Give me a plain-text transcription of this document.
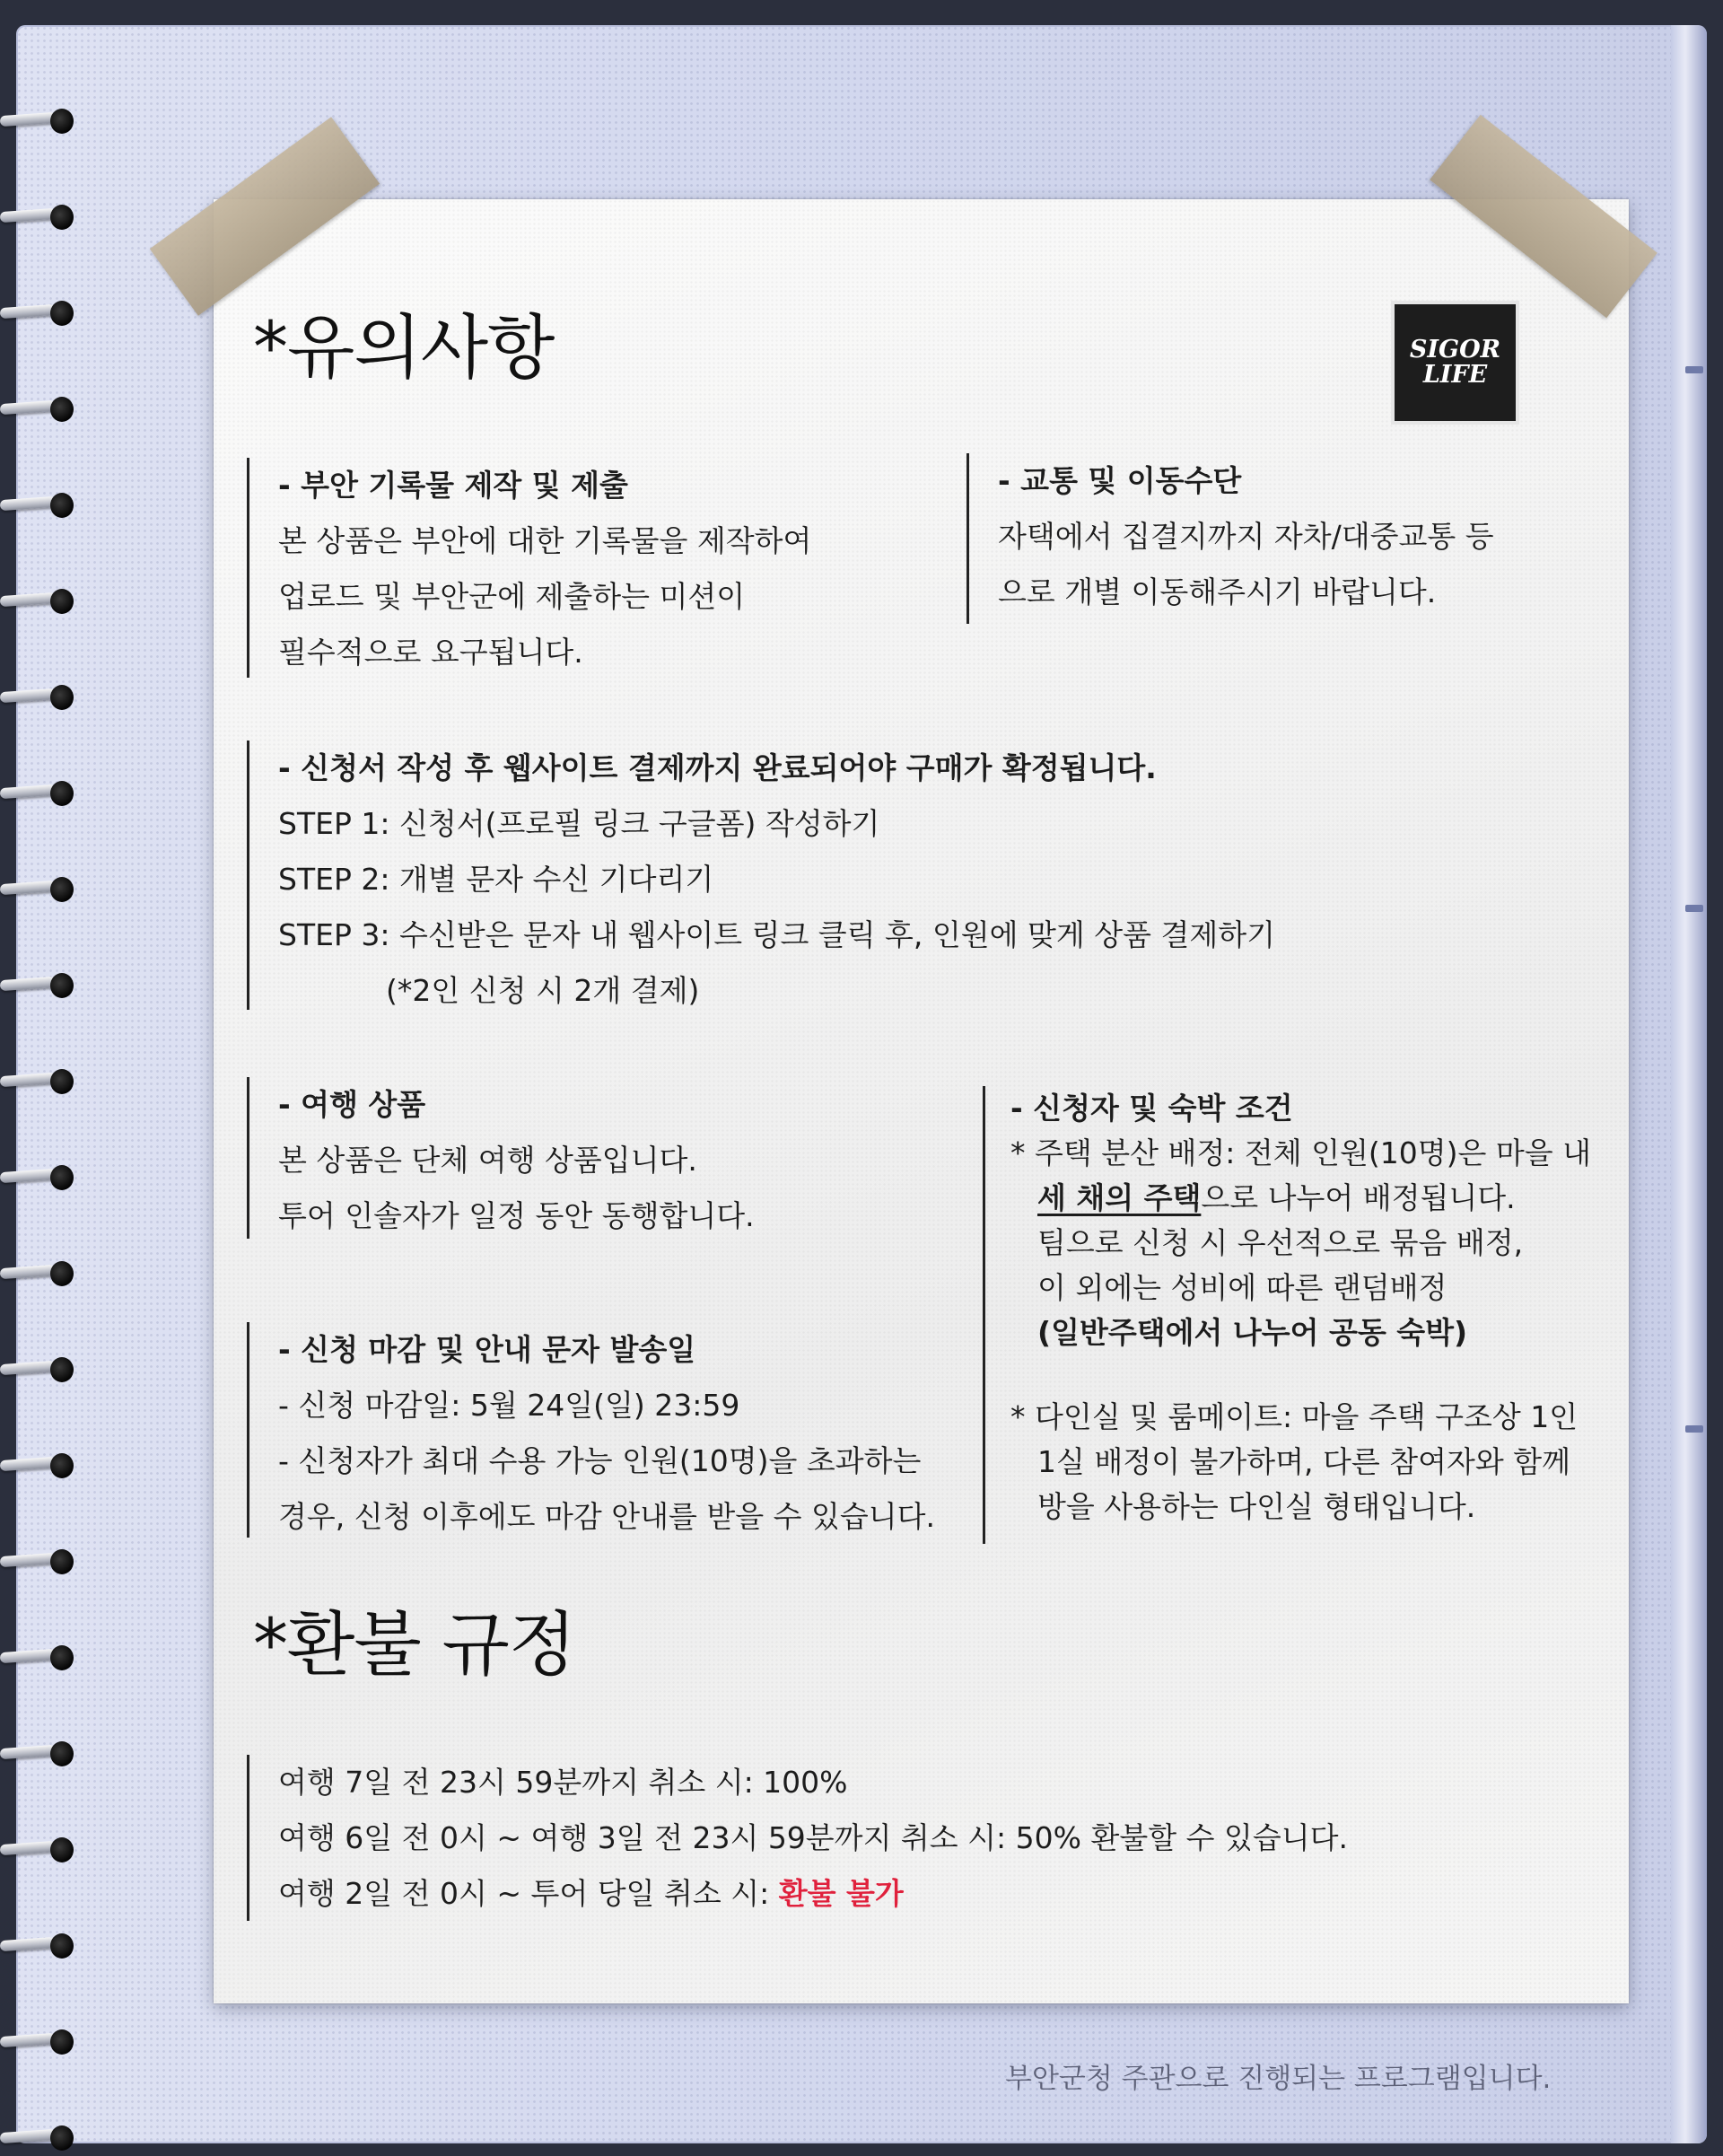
*유의사항	SIGOR
LIFE
- 부안 기록물 제작 및 제출
본 상품은 부안에 대한 기록물을 제작하여
업로드 및 부안군에 제출하는 미션이
필수적으로 요구됩니다.
- 교통 및 이동수단
자택에서 집결지까지 자차/대중교통 등
으로 개별 이동해주시기 바랍니다.
- 신청서 작성 후 웹사이트 결제까지 완료되어야 구매가 확정됩니다.
STEP 1: 신청서(프로필 링크 구글폼) 작성하기
STEP 2: 개별 문자 수신 기다리기
STEP 3: 수신받은 문자 내 웹사이트 링크 클릭 후, 인원에 맞게 상품 결제하기
(*2인 신청 시 2개 결제)
- 여행 상품
본 상품은 단체 여행 상품입니다.
투어 인솔자가 일정 동안 동행합니다.
- 신청 마감 및 안내 문자 발송일
- 신청 마감일: 5월 24일(일) 23:59
- 신청자가 최대 수용 가능 인원(10명)을 초과하는
경우, 신청 이후에도 마감 안내를 받을 수 있습니다.
- 신청자 및 숙박 조건
* 주택 분산 배정: 전체 인원(10명)은 마을 내
세 채의 주택으로 나누어 배정됩니다.
팀으로 신청 시 우선적으로 묶음 배정,
이 외에는 성비에 따른 랜덤배정
(일반주택에서 나누어 공동 숙박)
* 다인실 및 룸메이트: 마을 주택 구조상 1인
1실 배정이 불가하며, 다른 참여자와 함께
방을 사용하는 다인실 형태입니다.
*환불 규정
여행 7일 전 23시 59분까지 취소 시: 100%
여행 6일 전 0시 ~ 여행 3일 전 23시 59분까지 취소 시: 50% 환불할 수 있습니다.
여행 2일 전 0시 ~ 투어 당일 취소 시: 환불 불가
부안군청 주관으로 진행되는 프로그램입니다.
